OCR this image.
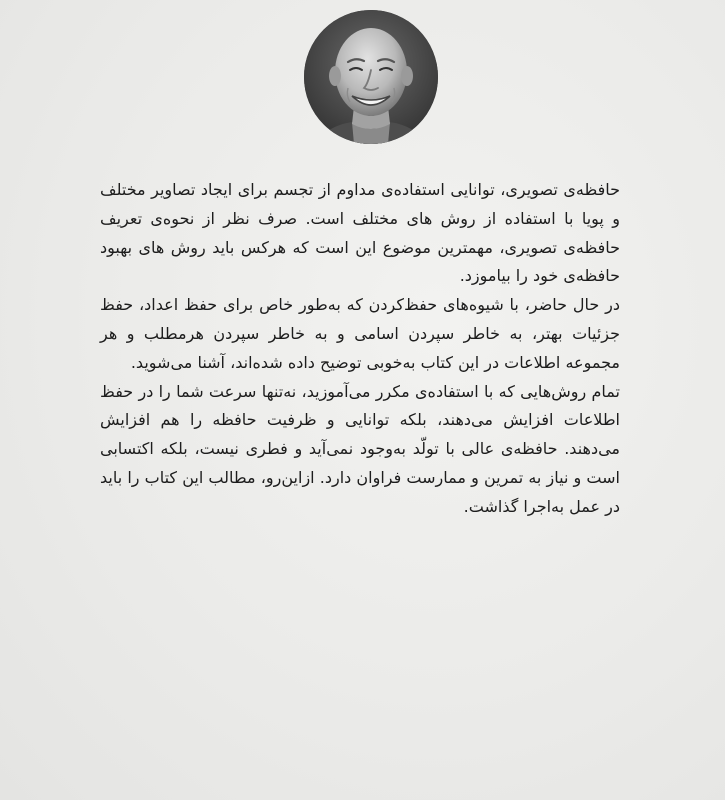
حافظه‌ی تصویری، توانایی استفاده‌ی مداوم از تجسم برای ایجاد تصاویر مختلف و پویا با استفاده از روش های مختلف است. صرف نظر از نحوه‌ی تعریف حافظه‌ی تصویری، مهمترین موضوع این است که هرکس باید روش های بهبود حافظه‌ی خود را بیاموزد.

در حال حاضر، با شیوه‌های حفظ‌کردن که به‌طور خاص برای حفظ اعداد، حفظ جزئیات بهتر، به خاطر سپردن اسامی و به خاطر سپردن هرمطلب و هر مجموعه اطلاعات در این کتاب به‌خوبی توضیح داده شده‌اند، آشنا می‌شوید.

تمام روش‌هایی که با استفاده‌ی مکرر می‌آموزید، نه‌تنها سرعت شما را در حفظ اطلاعات افزایش می‌دهند، بلکه توانایی و ظرفیت حافظه را هم افزایش می‌دهند. حافظه‌ی عالی با تولّد به‌وجود نمی‌آید و فطری نیست، بلکه اکتسابی است و نیاز به تمرین و ممارست فراوان دارد. ازاین‌رو، مطالب این کتاب را باید در عمل به‌اجرا گذاشت.
